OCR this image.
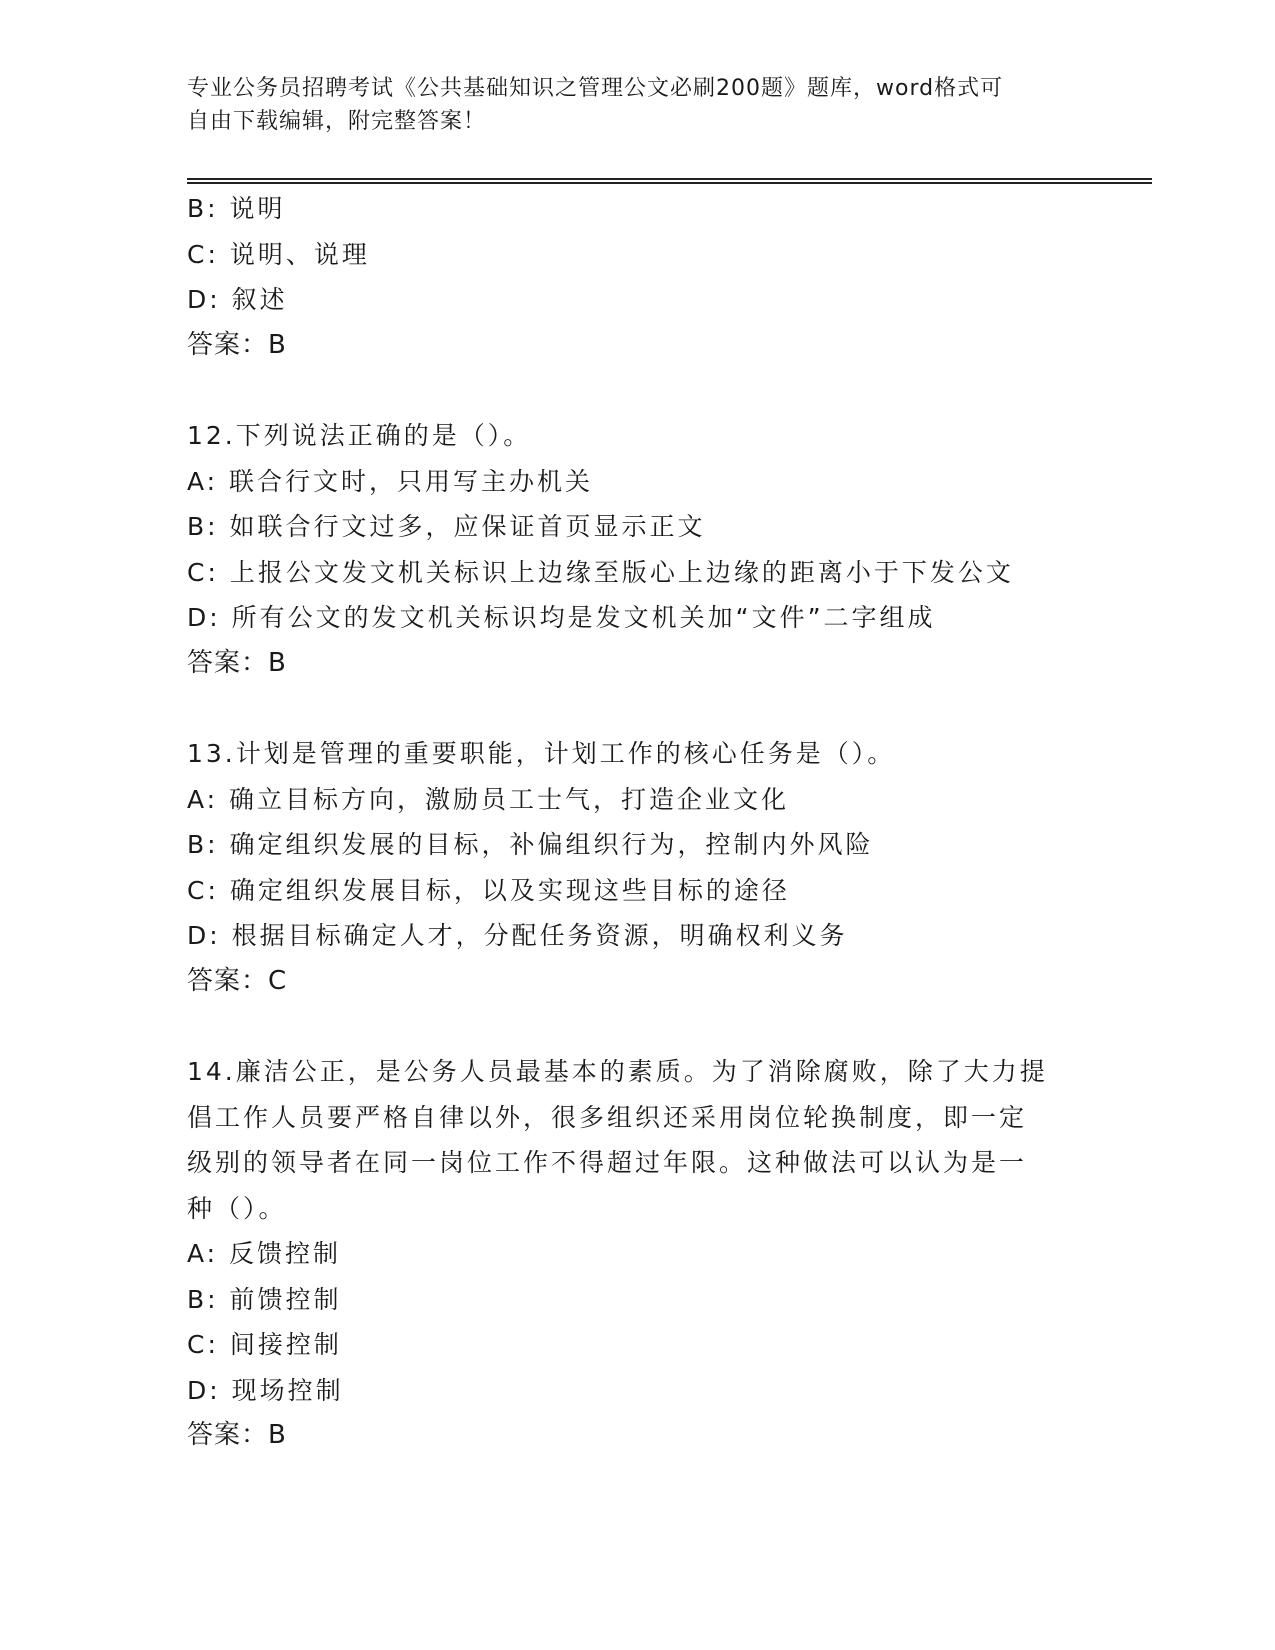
专业公务员招聘考试《公共基础知识之管理公文必刷200题》题库，word格式可
自由下载编辑，附完整答案！
B: 说明
C: 说明、说理
D: 叙述
答案：B
12.下列说法正确的是（）。
A: 联合行文时，只用写主办机关
B: 如联合行文过多，应保证首页显示正文
C: 上报公文发文机关标识上边缘至版心上边缘的距离小于下发公文
D: 所有公文的发文机关标识均是发文机关加“文件”二字组成
答案：B
13.计划是管理的重要职能，计划工作的核心任务是（）。
A: 确立目标方向，激励员工士气，打造企业文化
B: 确定组织发展的目标，补偏组织行为，控制内外风险
C: 确定组织发展目标，以及实现这些目标的途径
D: 根据目标确定人才，分配任务资源，明确权利义务
答案：C
14.廉洁公正，是公务人员最基本的素质。为了消除腐败，除了大力提
倡工作人员要严格自律以外，很多组织还采用岗位轮换制度，即一定
级别的领导者在同一岗位工作不得超过年限。这种做法可以认为是一
种（）。
A: 反馈控制
B: 前馈控制
C: 间接控制
D: 现场控制
答案：B
